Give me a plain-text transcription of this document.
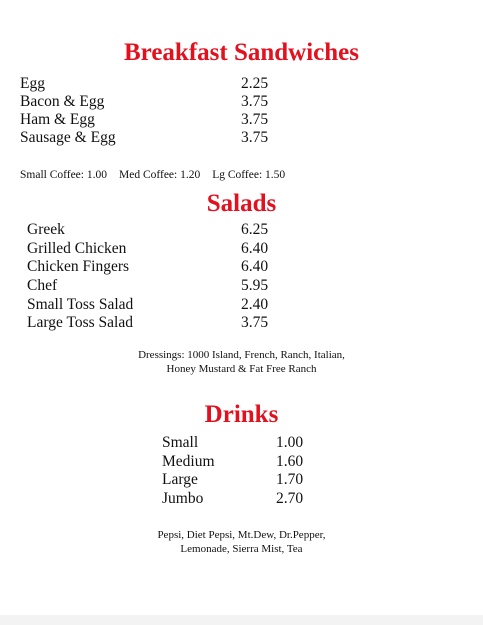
Breakfast Sandwiches
Egg	2.25
Bacon & Egg	3.75
Ham & Egg	3.75
Sausage & Egg	3.75
Small Coffee: 1.00 Med Coffee: 1.20 Lg Coffee: 1.50
Salads
Greek	6.25
Grilled Chicken	6.40
Chicken Fingers	6.40
Chef	5.95
Small Toss Salad	2.40
Large Toss Salad	3.75
Dressings: 1000 Island, French, Ranch, Italian,
Honey Mustard & Fat Free Ranch
Drinks
Small	1.00
Medium	1.60
Large	1.70
Jumbo	2.70
Pepsi, Diet Pepsi, Mt.Dew, Dr.Pepper,
Lemonade, Sierra Mist, Tea
